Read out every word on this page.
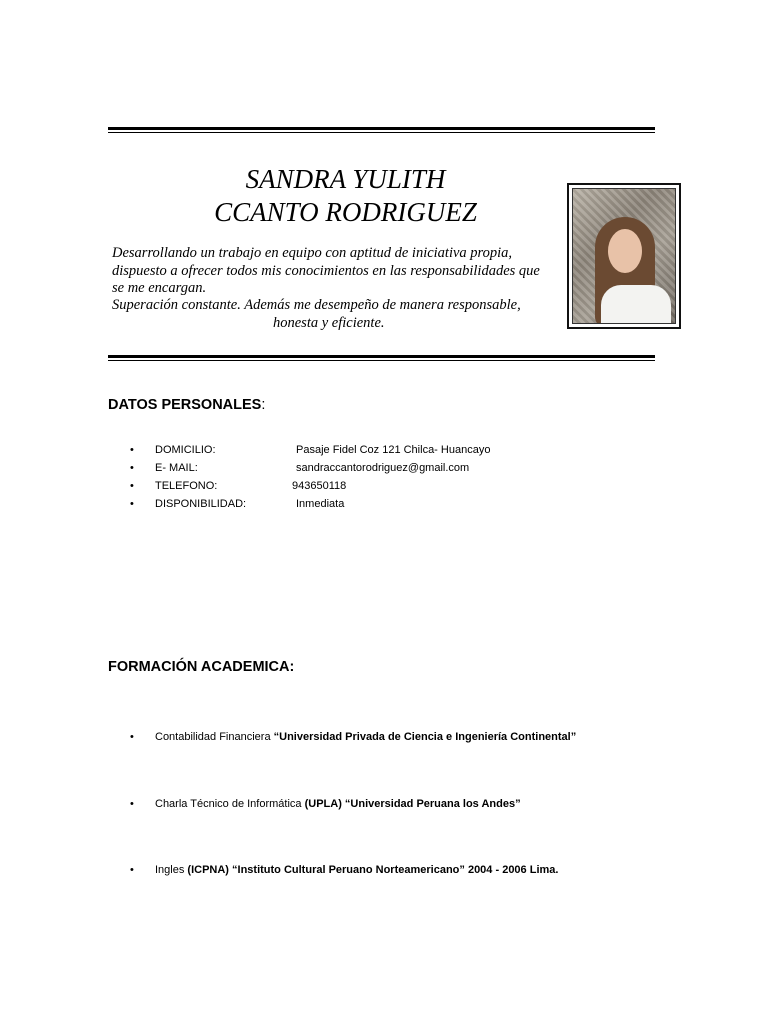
SANDRA YULITH
CCANTO RODRIGUEZ
Desarrollando un trabajo en equipo con aptitud de iniciativa propia,
dispuesto a ofrecer todos mis conocimientos en las responsabilidades que
se me encargan.
Superación constante. Además me desempeño de manera responsable,
honesta y eficiente.
DATOS PERSONALES:
• DOMICILIO:	Pasaje Fidel Coz 121 Chilca- Huancayo
• E- MAIL:	sandraccantorodriguez@gmail.com
• TELEFONO:	943650118
• DISPONIBILIDAD:	Inmediata
FORMACIÓN ACADEMICA:
• Contabilidad Financiera “Universidad Privada de Ciencia e Ingeniería Continental”
• Charla Técnico de Informática (UPLA) “Universidad Peruana los Andes”
• Ingles (ICPNA) “Instituto Cultural Peruano Norteamericano” 2004 - 2006 Lima.
